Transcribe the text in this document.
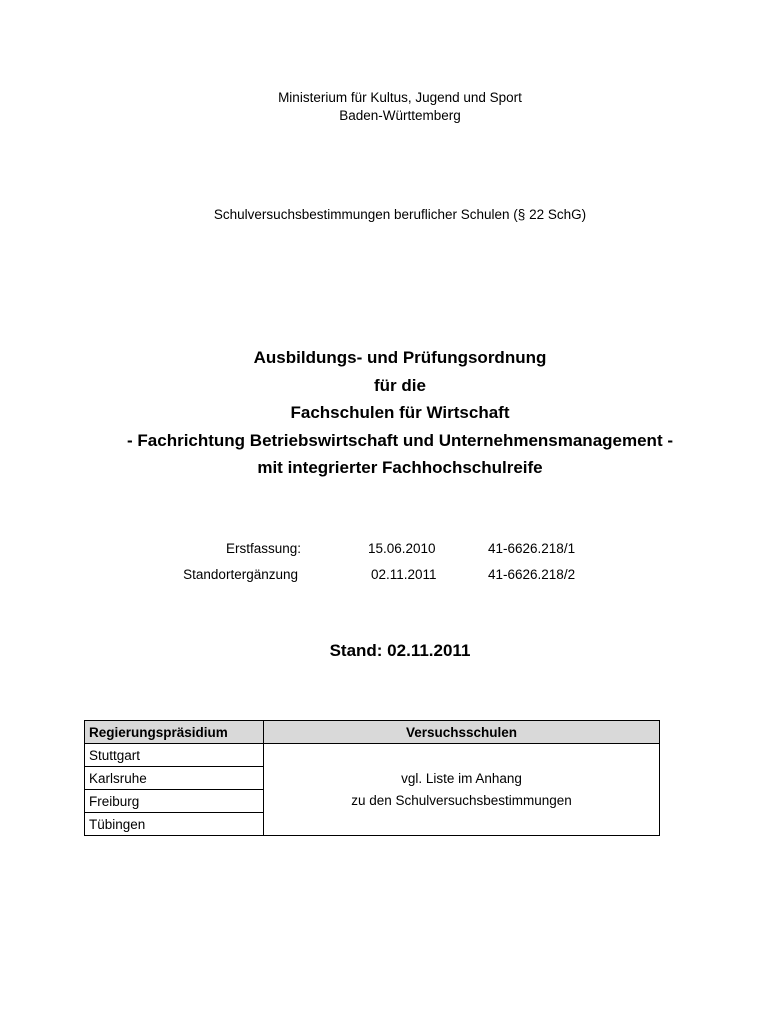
Ministerium für Kultus, Jugend und Sport
Baden-Württemberg
Schulversuchsbestimmungen beruflicher Schulen (§ 22 SchG)
Ausbildungs- und Prüfungsordnung
für die
Fachschulen für Wirtschaft
- Fachrichtung Betriebswirtschaft und Unternehmensmanagement -
mit integrierter Fachhochschulreife
Erstfassung:	15.06.2010	41-6626.218/1
Standortergänzung	02.11.2011	41-6626.218/2
Stand: 02.11.2011
Regierungspräsidium	Versuchsschulen
Stuttgart	vgl. Liste im Anhang
zu den Schulversuchsbestimmungen

Karlsruhe	
Freiburg	
Tübingen	
